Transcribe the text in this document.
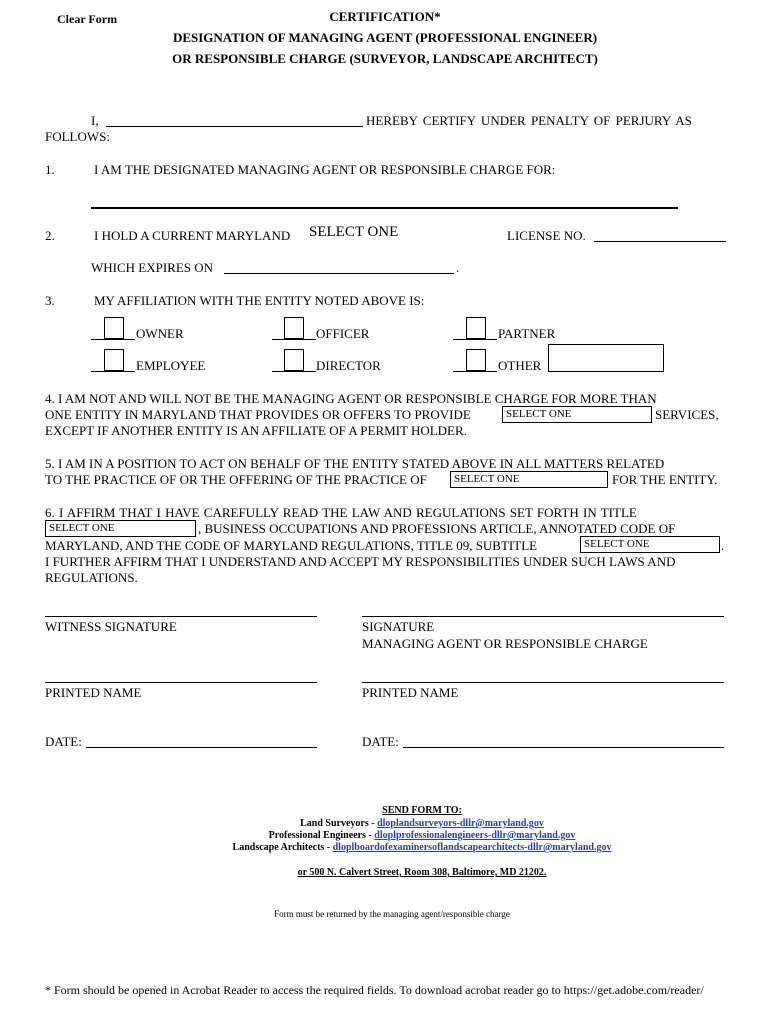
Clear Form	CERTIFICATION*
DESIGNATION OF MANAGING AGENT (PROFESSIONAL ENGINEER)
OR RESPONSIBLE CHARGE (SURVEYOR, LANDSCAPE ARCHITECT)
I,	HEREBY CERTIFY UNDER PENALTY OF PERJURY AS
FOLLOWS:
1.	I AM THE DESIGNATED MANAGING AGENT OR RESPONSIBLE CHARGE FOR:
2.	I HOLD A CURRENT MARYLAND SELECT ONE	LICENSE NO.
WHICH EXPIRES ON	.
3.	MY AFFILIATION WITH THE ENTITY NOTED ABOVE IS:
OWNER	OFFICER	PARTNER
EMPLOYEE	DIRECTOR	OTHER
4. I AM NOT AND WILL NOT BE THE MANAGING AGENT OR RESPONSIBLE CHARGE FOR MORE THAN
ONE ENTITY IN MARYLAND THAT PROVIDES OR OFFERS TO PROVIDE	SELECT ONE	SERVICES,
EXCEPT IF ANOTHER ENTITY IS AN AFFILIATE OF A PERMIT HOLDER.
5. I AM IN A POSITION TO ACT ON BEHALF OF THE ENTITY STATED ABOVE IN ALL MATTERS RELATED
TO THE PRACTICE OF OR THE OFFERING OF THE PRACTICE OF	SELECT ONE	FOR THE ENTITY.
6. I AFFIRM THAT I HAVE CAREFULLY READ THE LAW AND REGULATIONS SET FORTH IN TITLE
SELECT ONE	, BUSINESS OCCUPATIONS AND PROFESSIONS ARTICLE, ANNOTATED CODE OF
MARYLAND, AND THE CODE OF MARYLAND REGULATIONS, TITLE 09, SUBTITLE	SELECT ONE	.
I FURTHER AFFIRM THAT I UNDERSTAND AND ACCEPT MY RESPONSIBILITIES UNDER SUCH LAWS AND
REGULATIONS.
WITNESS SIGNATURE	SIGNATURE
MANAGING AGENT OR RESPONSIBLE CHARGE
PRINTED NAME	PRINTED NAME
DATE:	DATE:
SEND FORM TO:
Land Surveyors - dloplandsurveyors-dllr@maryland.gov
Professional Engineers - dloplprofessionalengineers-dllr@maryland.gov
Landscape Architects - dloplboardofexaminersoflandscapearchitects-dllr@maryland.gov
or 500 N. Calvert Street, Room 308, Baltimore, MD 21202.
Form must be returned by the managing agent/responsible charge
* Form should be opened in Acrobat Reader to access the required fields. To download acrobat reader go to https://get.adobe.com/reader/
